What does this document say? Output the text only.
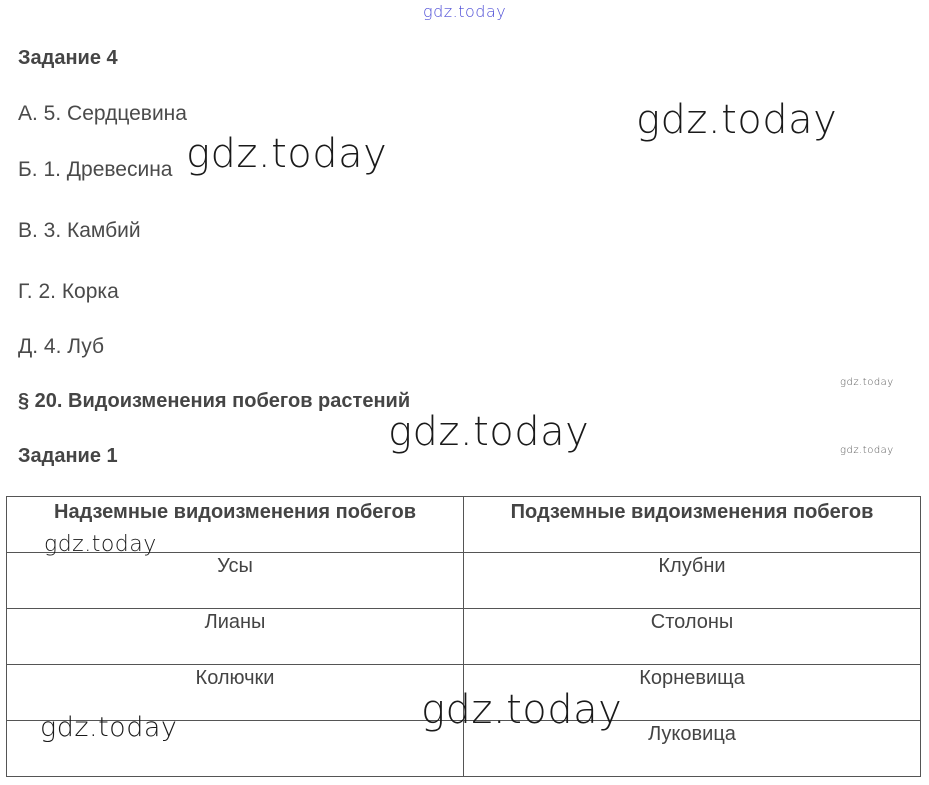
gdz.today
gdz.today
gdz.today
gdz.today
gdz.today	gdz.today
Задание 4
А. 5. Сердцевина
Б. 1. Древесина
В. 3. Камбий
Г. 2. Корка
Д. 4. Луб
§ 20. Видоизменения побегов растений
Задание 1
Надземные видоизменения побегов	Подземные видоизменения побегов
Усы	Клубни
Лианы	Столоны
Колючки	Корневища
	Луковица
gdz.today
gdz.today
gdz.today
